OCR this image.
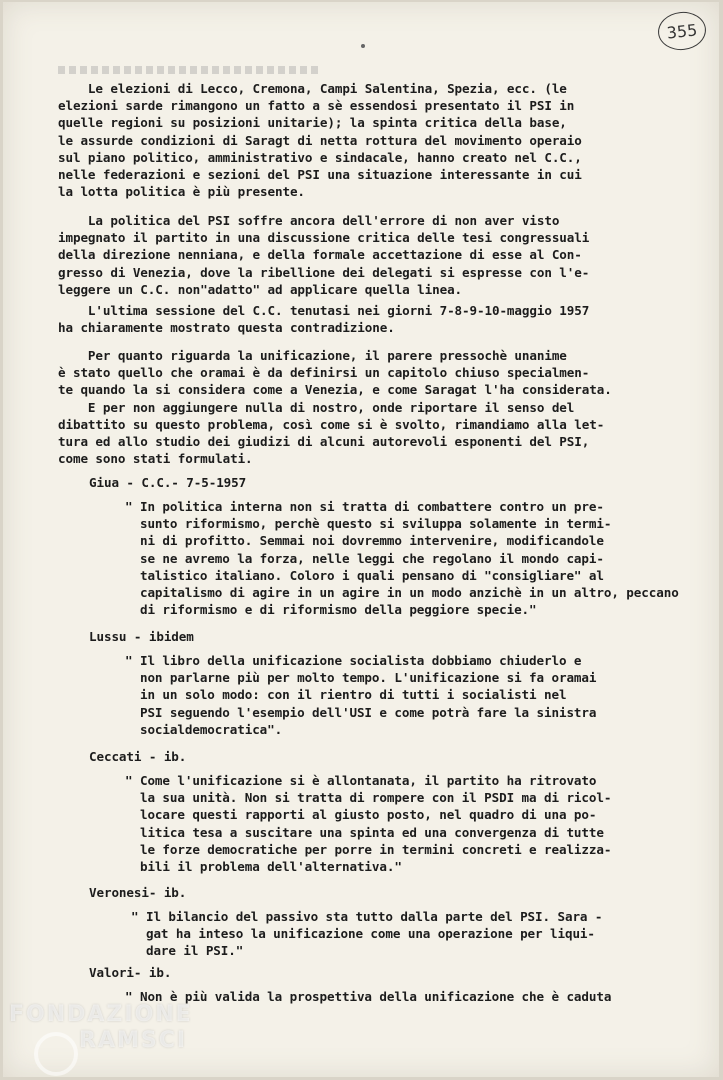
355
Le elezioni di Lecco, Cremona, Campi Salentina, Spezia, ecc. (le
elezioni sarde rimangono un fatto a sè essendosi presentato il PSI in
quelle regioni su posizioni unitarie); la spinta critica della base,
le assurde condizioni di Saragt di netta rottura del movimento operaio
sul piano politico, amministrativo e sindacale, hanno creato nel C.C.,
nelle federazioni e sezioni del PSI una situazione interessante in cui
la lotta politica è più presente.
La politica del PSI soffre ancora dell'errore di non aver visto
impegnato il partito in una discussione critica delle tesi congressuali
della direzione nenniana, e della formale accettazione di esse al Con-
gresso di Venezia, dove la ribellione dei delegati si espresse con l'e-
leggere un C.C. non"adatto" ad applicare quella linea.
L'ultima sessione del C.C. tenutasi nei giorni 7-8-9-10-maggio 1957
ha chiaramente mostrato questa contradizione.
Per quanto riguarda la unificazione, il parere pressochè unanime
è stato quello che oramai è da definirsi un capitolo chiuso specialmen-
te quando la si considera come a Venezia, e come Saragat l'ha considerata.
E per non aggiungere nulla di nostro, onde riportare il senso del
dibattito su questo problema, così come si è svolto, rimandiamo alla let-
tura ed allo studio dei giudizi di alcuni autorevoli esponenti del PSI,
come sono stati formulati.
Giua - C.C.- 7-5-1957
" In politica interna non si tratta di combattere contro un pre-
sunto riformismo, perchè questo si sviluppa solamente in termi-
ni di profitto. Semmai noi dovremmo intervenire, modificandole
se ne avremo la forza, nelle leggi che regolano il mondo capi-
talistico italiano. Coloro i quali pensano di "consigliare" al
capitalismo di agire in un agire in un modo anzichè in un altro, peccano
di riformismo e di riformismo della peggiore specie."
Lussu - ibidem
" Il libro della unificazione socialista dobbiamo chiuderlo e
non parlarne più per molto tempo. L'unificazione si fa oramai
in un solo modo: con il rientro di tutti i socialisti nel
PSI seguendo l'esempio dell'USI e come potrà fare la sinistra
socialdemocratica".
Ceccati - ib.
" Come l'unificazione si è allontanata, il partito ha ritrovato
la sua unità. Non si tratta di rompere con il PSDI ma di ricol-
locare questi rapporti al giusto posto, nel quadro di una po-
litica tesa a suscitare una spinta ed una convergenza di tutte
le forze democratiche per porre in termini concreti e realizza-
bili il problema dell'alternativa."
Veronesi- ib.
" Il bilancio del passivo sta tutto dalla parte del PSI. Sara -
gat ha inteso la unificazione come una operazione per liqui-
dare il PSI."
Valori- ib.
" Non è più valida la prospettiva della unificazione che è caduta
FONDAZIONE
RAMSCI
